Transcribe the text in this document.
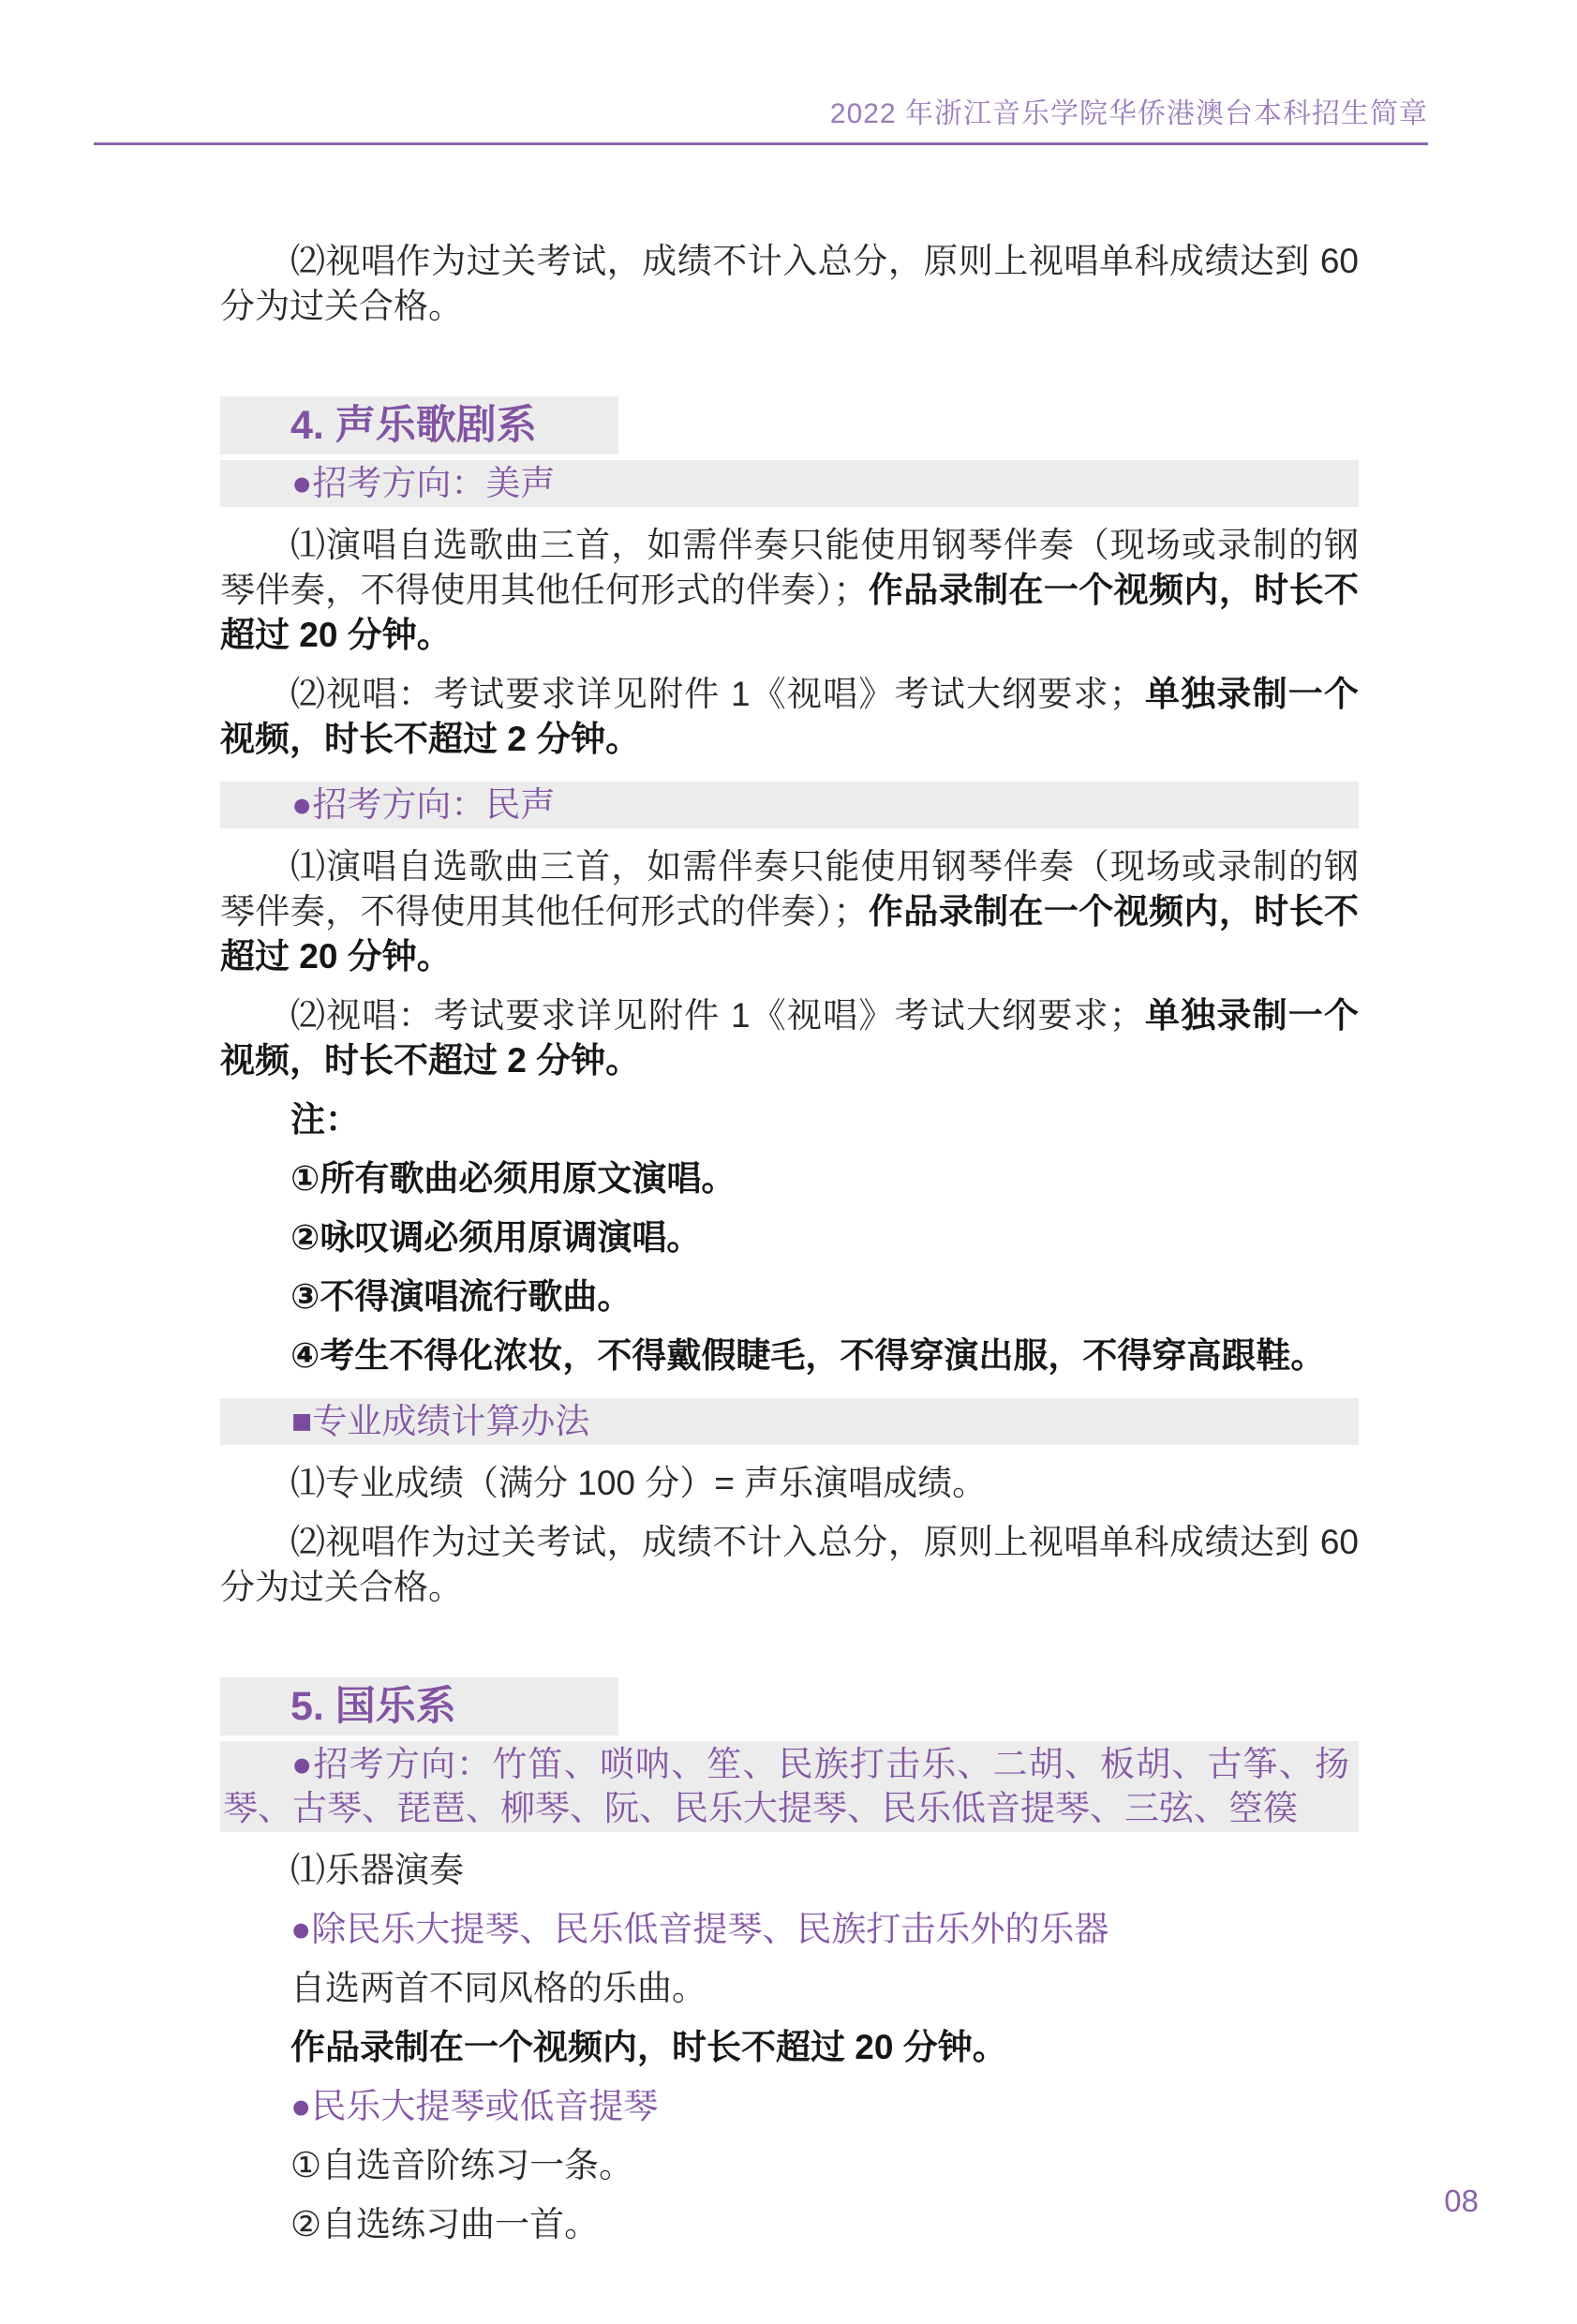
2022 年浙江音乐学院华侨港澳台本科招生简章

⑵视唱作为过关考试，成绩不计入总分，原则上视唱单科成绩达到 60 分为过关合格。

4. 声乐歌剧系
●招考方向：美声

⑴演唱自选歌曲三首，如需伴奏只能使用钢琴伴奏（现场或录制的钢琴伴奏，不得使用其他任何形式的伴奏）；作品录制在一个视频内，时长不超过 20 分钟。

⑵视唱：考试要求详见附件 1《视唱》考试大纲要求；单独录制一个视频，时长不超过 2 分钟。

●招考方向：民声

⑴演唱自选歌曲三首，如需伴奏只能使用钢琴伴奏（现场或录制的钢琴伴奏，不得使用其他任何形式的伴奏）；作品录制在一个视频内，时长不超过 20 分钟。

⑵视唱：考试要求详见附件 1《视唱》考试大纲要求；单独录制一个视频，时长不超过 2 分钟。

注：

①所有歌曲必须用原文演唱。

②咏叹调必须用原调演唱。

③不得演唱流行歌曲。

④考生不得化浓妆，不得戴假睫毛，不得穿演出服，不得穿高跟鞋。

■专业成绩计算办法

⑴专业成绩（满分 100 分）= 声乐演唱成绩。

⑵视唱作为过关考试，成绩不计入总分，原则上视唱单科成绩达到 60 分为过关合格。

5. 国乐系
●招考方向：竹笛、唢呐、笙、民族打击乐、二胡、板胡、古筝、扬琴、古琴、琵琶、柳琴、阮、民乐大提琴、民乐低音提琴、三弦、箜篌

⑴乐器演奏

●除民乐大提琴、民乐低音提琴、民族打击乐外的乐器

自选两首不同风格的乐曲。

作品录制在一个视频内，时长不超过 20 分钟。

●民乐大提琴或低音提琴

①自选音阶练习一条。

②自选练习曲一首。

08
